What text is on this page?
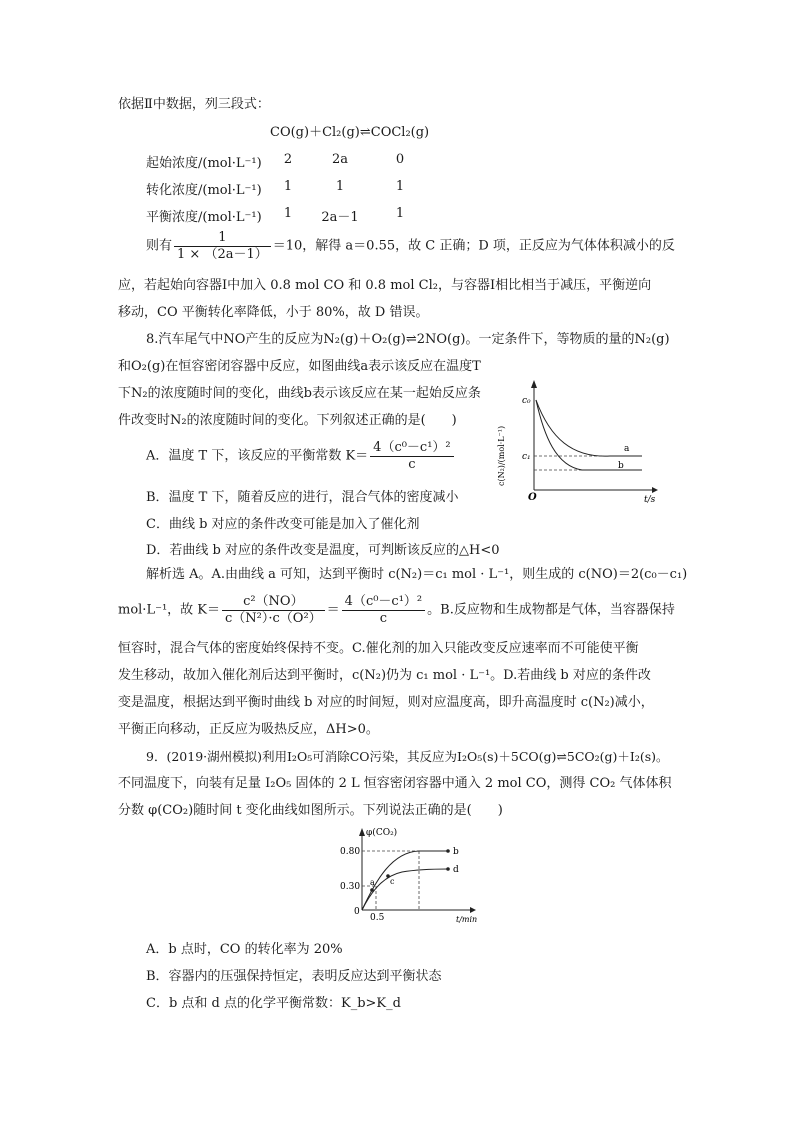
依据Ⅱ中数据，列三段式：
CO(g)＋Cl₂(g)⇌COCl₂(g)
起始浓度/(mol·L⁻¹)	2	2a	0
转化浓度/(mol·L⁻¹)	1	1	1
平衡浓度/(mol·L⁻¹)	1	2a－1	1
则有 $\frac{1}{1 \times (2a-1)} =10$，解得 a＝0.55，故 C 正确；D 项，正反应为气体体积减小的反
应，若起始向容器Ⅰ中加入 0.8 mol CO 和 0.8 mol Cl₂，与容器Ⅰ相比相当于减压，平衡逆向
移动，CO 平衡转化率降低，小于 80%，故 D 错误。
8.汽车尾气中NO产生的反应为N₂(g)＋O₂(g)⇌2NO(g)。一定条件下，等物质的量的N₂(g)
和O₂(g)在恒容密闭容器中反应，如图曲线a表示该反应在温度T
下N₂的浓度随时间的变化，曲线b表示该反应在某一起始反应条
件改变时N₂的浓度随时间的变化。下列叙述正确的是(　　)
A．温度 T 下，该反应的平衡常数 $K= \frac{\text{4（c⁰－c¹）²}}{c}$
B．温度 T 下，随着反应的进行，混合气体的密度减小
C．曲线 b 对应的条件改变可能是加入了催化剂
D．若曲线 b 对应的条件改变是温度，可判断该反应的△H<0
c(N₂)/(mol·L⁻¹)
c₀
c₁
O	t/s
a
b
解析选 A。A.由曲线 a 可知，达到平衡时 c(N₂)＝c₁ mol · L⁻¹，则生成的 c(NO)＝2(c₀－c₁)
mol·L⁻¹，故 $K= \frac{\text{c²（NO）}}{\text{c（N²）·c（O²）}} = \frac{\text{4（c⁰－c¹）²}}{c}$ 。B.反应物和生成物都是气体，当容器保持
恒容时，混合气体的密度始终保持不变。C.催化剂的加入只能改变反应速率而不可能使平衡
发生移动，故加入催化剂后达到平衡时，c(N₂)仍为 c₁ mol · L⁻¹。D.若曲线 b 对应的条件改
变是温度，根据达到平衡时曲线 b 对应的时间短，则对应温度高，即升高温度时 c(N₂)减小，
平衡正向移动，正反应为吸热反应，ΔH>0。
9．(2019·湖州模拟)利用I₂O₅可消除CO污染，其反应为I₂O₅(s)＋5CO(g)⇌5CO₂(g)＋I₂(s)。
不同温度下，向装有足量 I₂O₅ 固体的 2 L 恒容密闭容器中通入 2 mol CO，测得 CO₂ 气体体积
分数 φ(CO₂)随时间 t 变化曲线如图所示。下列说法正确的是(　　)
φ(CO₂)
0.80
0.30
0
0.5	t/min
a
b
c
d
A．b 点时，CO 的转化率为 20%
B．容器内的压强保持恒定，表明反应达到平衡状态
C．b 点和 d 点的化学平衡常数：K_b>K_d
